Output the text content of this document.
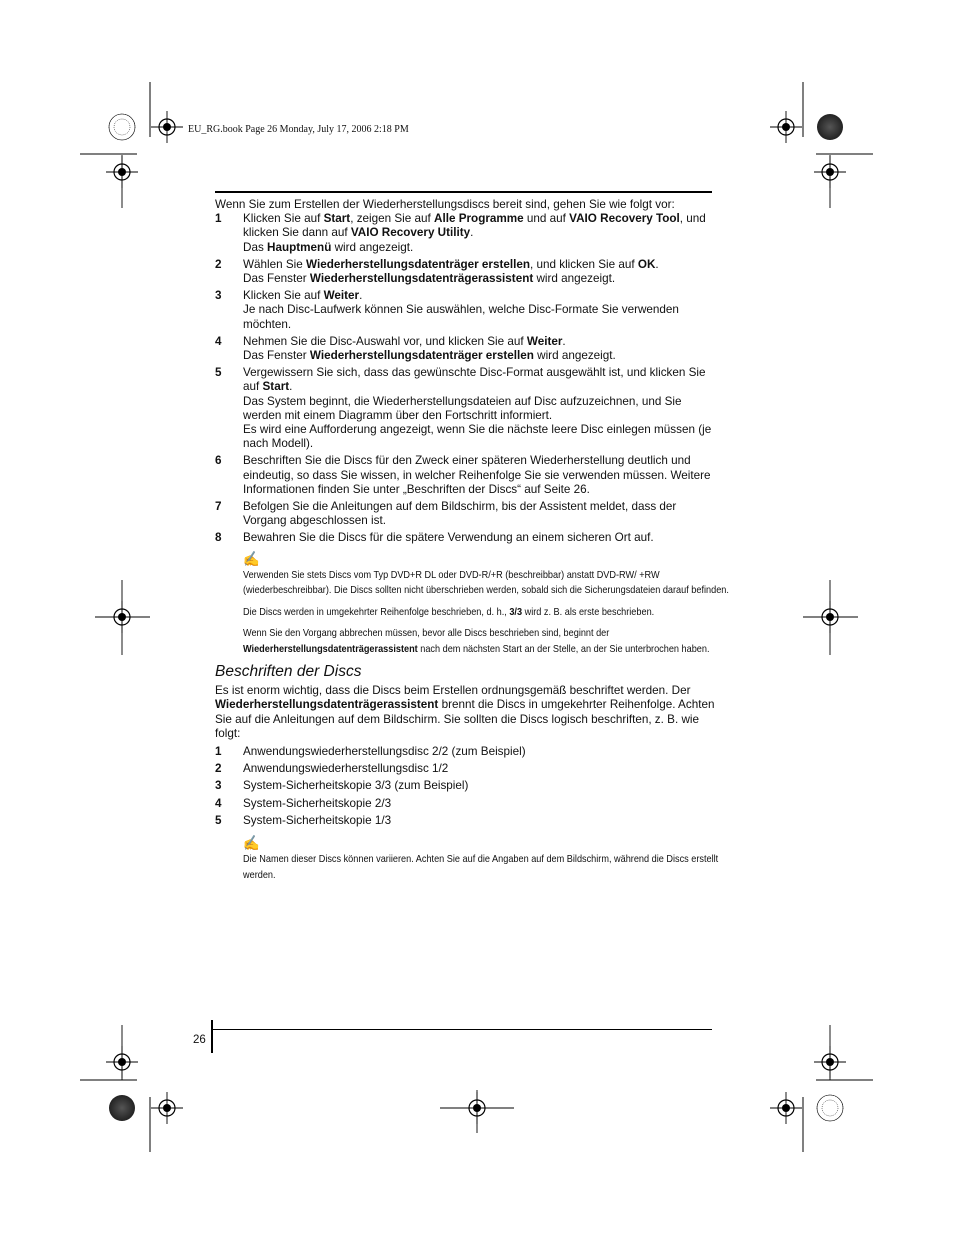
EU_RG.book Page 26 Monday, July 17, 2006 2:18 PM

Wenn Sie zum Erstellen der Wiederherstellungsdiscs bereit sind, gehen Sie wie folgt vor:

1	Klicken Sie auf Start, zeigen Sie auf Alle Programme und auf VAIO Recovery Tool, und klicken Sie dann auf VAIO Recovery Utility.
Das Hauptmenü wird angezeigt.
2	Wählen Sie Wiederherstellungsdatenträger erstellen, und klicken Sie auf OK.
Das Fenster Wiederherstellungsdatenträgerassistent wird angezeigt.
3	Klicken Sie auf Weiter.
Je nach Disc-Laufwerk können Sie auswählen, welche Disc-Formate Sie verwenden möchten.
4	Nehmen Sie die Disc-Auswahl vor, und klicken Sie auf Weiter.
Das Fenster Wiederherstellungsdatenträger erstellen wird angezeigt.
5	Vergewissern Sie sich, dass das gewünschte Disc-Format ausgewählt ist, und klicken Sie auf Start.
Das System beginnt, die Wiederherstellungsdateien auf Disc aufzuzeichnen, und Sie werden mit einem Diagramm über den Fortschritt informiert.
Es wird eine Aufforderung angezeigt, wenn Sie die nächste leere Disc einlegen müssen (je nach Modell).
6	Beschriften Sie die Discs für den Zweck einer späteren Wiederherstellung deutlich und eindeutig, so dass Sie wissen, in welcher Reihenfolge Sie sie verwenden müssen. Weitere Informationen finden Sie unter „Beschriften der Discs“ auf Seite 26.
7	Befolgen Sie die Anleitungen auf dem Bildschirm, bis der Assistent meldet, dass der Vorgang abgeschlossen ist.
8	Bewahren Sie die Discs für die spätere Verwendung an einem sicheren Ort auf.
✍

Verwenden Sie stets Discs vom Typ DVD+R DL oder DVD-R/+R (beschreibbar) anstatt DVD-RW/ +RW (wiederbeschreibbar). Die Discs sollten nicht überschrieben werden, sobald sich die Sicherungsdateien darauf befinden.

Die Discs werden in umgekehrter Reihenfolge beschrieben, d. h., 3/3 wird z. B. als erste beschrieben.

Wenn Sie den Vorgang abbrechen müssen, bevor alle Discs beschrieben sind, beginnt der Wiederherstellungsdatenträgerassistent nach dem nächsten Start an der Stelle, an der Sie unterbrochen haben.

Beschriften der Discs

Es ist enorm wichtig, dass die Discs beim Erstellen ordnungsgemäß beschriftet werden. Der Wiederherstellungsdatenträgerassistent brennt die Discs in umgekehrter Reihenfolge. Achten Sie auf die Anleitungen auf dem Bildschirm. Sie sollten die Discs logisch beschriften, z. B. wie folgt:

1	Anwendungswiederherstellungsdisc 2/2 (zum Beispiel)
2	Anwendungswiederherstellungsdisc 1/2
3	System-Sicherheitskopie 3/3 (zum Beispiel)
4	System-Sicherheitskopie 2/3
5	System-Sicherheitskopie 1/3
✍

Die Namen dieser Discs können variieren. Achten Sie auf die Angaben auf dem Bildschirm, während die Discs erstellt werden.

26
